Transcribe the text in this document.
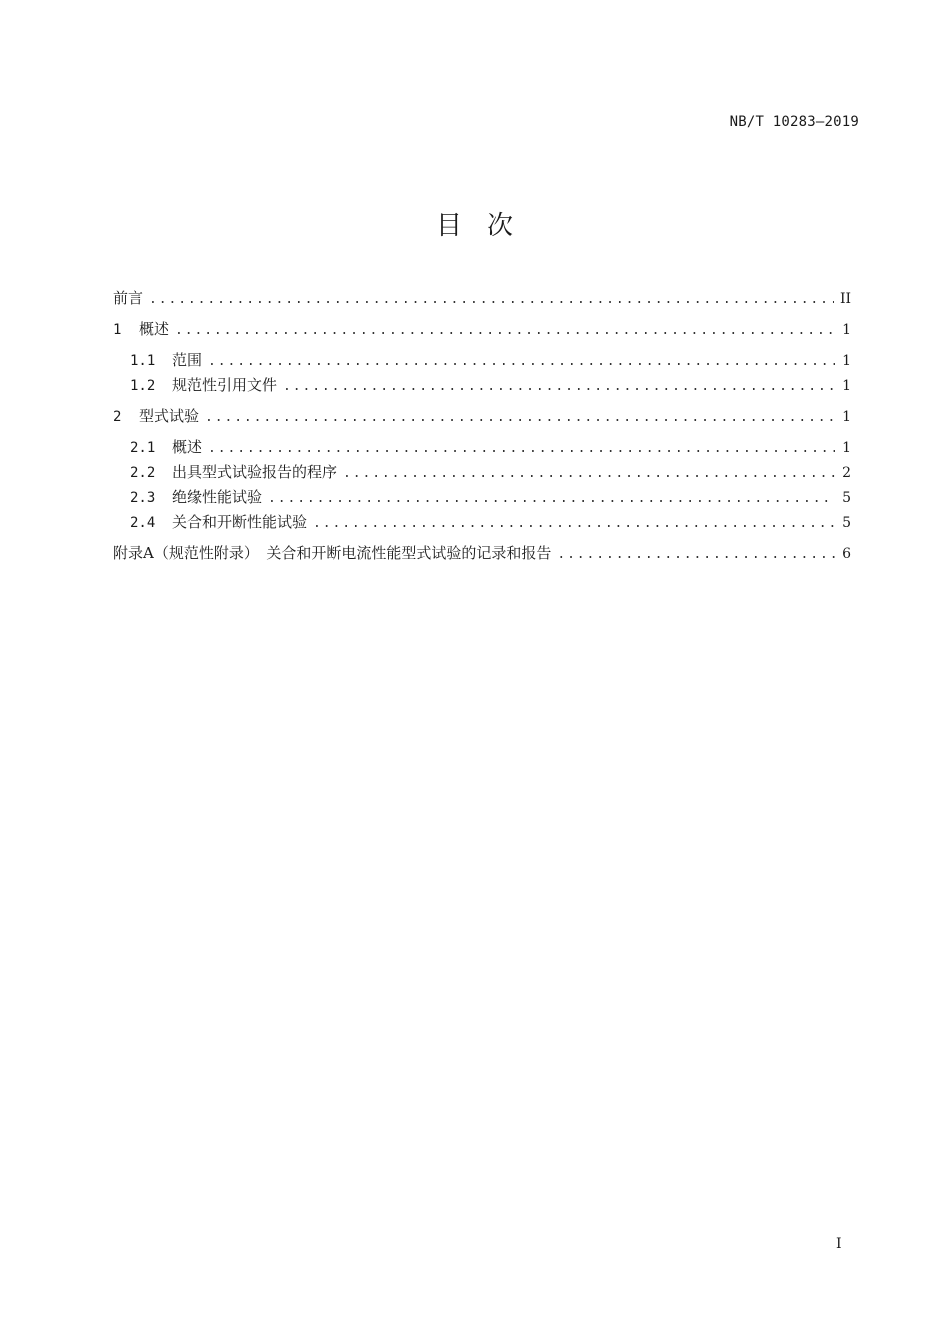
NB/T 10283—2019
目 次
前言 .....	II
1	概述 .....	1
1.1	范围 .....	1
1.2	规范性引用文件 .....	1
2	型式试验 .....	1
2.1	概述 .....	1
2.2	出具型式试验报告的程序 .....	2
2.3	绝缘性能试验 .....	5
2.4	关合和开断性能试验 .....	5
附录A（规范性附录）　关合和开断电流性能型式试验的记录和报告 .....	6
I
